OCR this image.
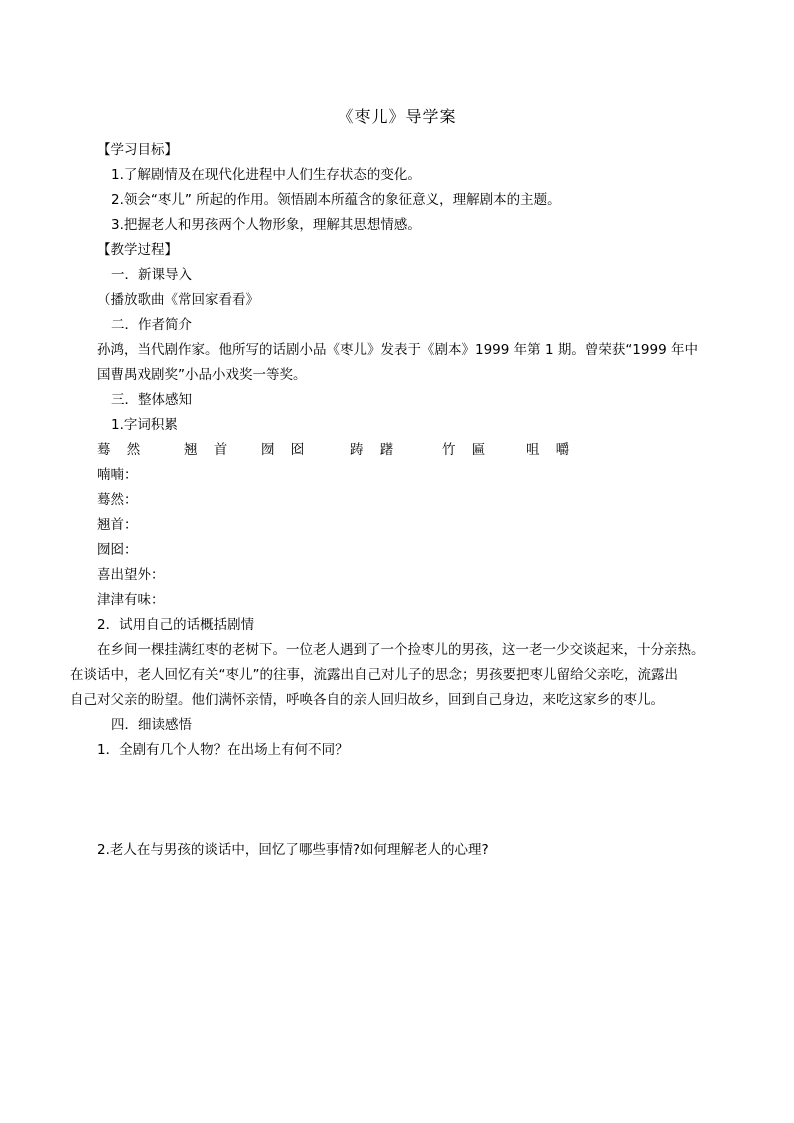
《枣儿》导学案
【学习目标】
1.了解剧情及在现代化进程中人们生存状态的变化。
2.领会“枣儿” 所起的作用。领悟剧本所蕴含的象征意义，理解剧本的主题。
3.把握老人和男孩两个人物形象，理解其思想情感。
【教学过程】
一．新课导入
（播放歌曲《常回家看看》
二．作者简介
孙鸿，当代剧作家。他所写的话剧小品《枣儿》发表于《剧本》1999 年第 1 期。曾荣获“1999 年中
国曹禺戏剧奖”小品小戏奖一等奖。
三．整体感知
1.字词积累
蓦 然	翘 首 囫 囵	踌 躇	竹 匾	咀 嚼
喃喃：
蓦然：
翘首：
囫囵：
喜出望外：
津津有味：
2．试用自己的话概括剧情
在乡间一棵挂满红枣的老树下。一位老人遇到了一个捡枣儿的男孩，这一老一少交谈起来，十分亲热。
在谈话中，老人回忆有关“枣儿”的往事，流露出自己对儿子的思念；男孩要把枣儿留给父亲吃，流露出
自己对父亲的盼望。他们满怀亲情，呼唤各自的亲人回归故乡，回到自己身边，来吃这家乡的枣儿。
四．细读感悟
1．全剧有几个人物？在出场上有何不同？
2.老人在与男孩的谈话中，回忆了哪些事情?如何理解老人的心理?
